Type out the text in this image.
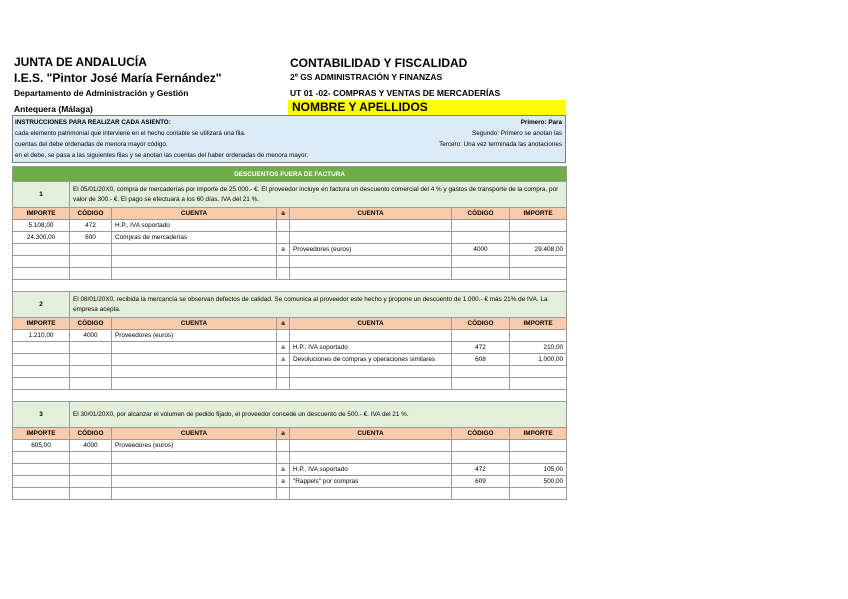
JUNTA DE ANDALUCÍA
I.E.S. "Pintor José María Fernández"
Departamento de Administración y Gestión
Antequera (Málaga)
CONTABILIDAD Y FISCALIDAD
2º GS ADMINISTRACIÓN Y FINANZAS
UT 01 -02- COMPRAS Y VENTAS DE MERCADERÍAS
NOMBRE Y APELLIDOS
INSTRUCCIONES PARA REALIZAR CADA ASIENTO:
cada elemento patrimonial que interviene en el hecho contable se utilizará una fila.
cuentas del debe ordenadas de menora mayor código.
en el debe, se pasa a las siguientes filas y se anotan las cuentas del haber ordenadas de menora mayor.
Primero: Para
Segundo: Primero se anotan las
Tercero: Una vez terminada las anotaciones
DESCUENTOS FUERA DE FACTURA						
1	El 05/01/20X0, compra de mercaderías por importe de 25.000.- €. El proveedor incluye en factura un descuento comercial del 4 % y gastos de transporte de la compra, por valor de 300.- €. El pago se efectuará a los 60 días. IVA del 21 %.					
IMPORTE	CÓDIGO	CUENTA	a	CUENTA	CÓDIGO	IMPORTE
5.108,00	472	H.P., IVA soportado				
24.300,00	600	Compras de mercaderías				
			a	Proveedores (euros)	4000	29.408,00

2	El 08/01/20X0, recibida la mercancía se observan defectos de calidad. Se comunica al proveedor este hecho y propone un descuento de 1.000.- € más 21% de IVA. La empresa acepta.					
IMPORTE	CÓDIGO	CUENTA	a	CUENTA	CÓDIGO	IMPORTE
1.210,00	4000	Proveedores (euros)				
			a	H.P., IVA soportado	472	210,00
			a	Devoluciones de compras y operaciones similares	608	1.000,00

3	El 30/01/20X0, por alcanzar el volumen de pedido fijado, el proveedor concede un descuento de 500.- €. IVA del 21 %.					
IMPORTE	CÓDIGO	CUENTA	a	CUENTA	CÓDIGO	IMPORTE
605,00	4000	Proveedores (euros)				

			a	H.P., IVA soportado	472	105,00
			a	"Rappels" por compras	609	500,00
